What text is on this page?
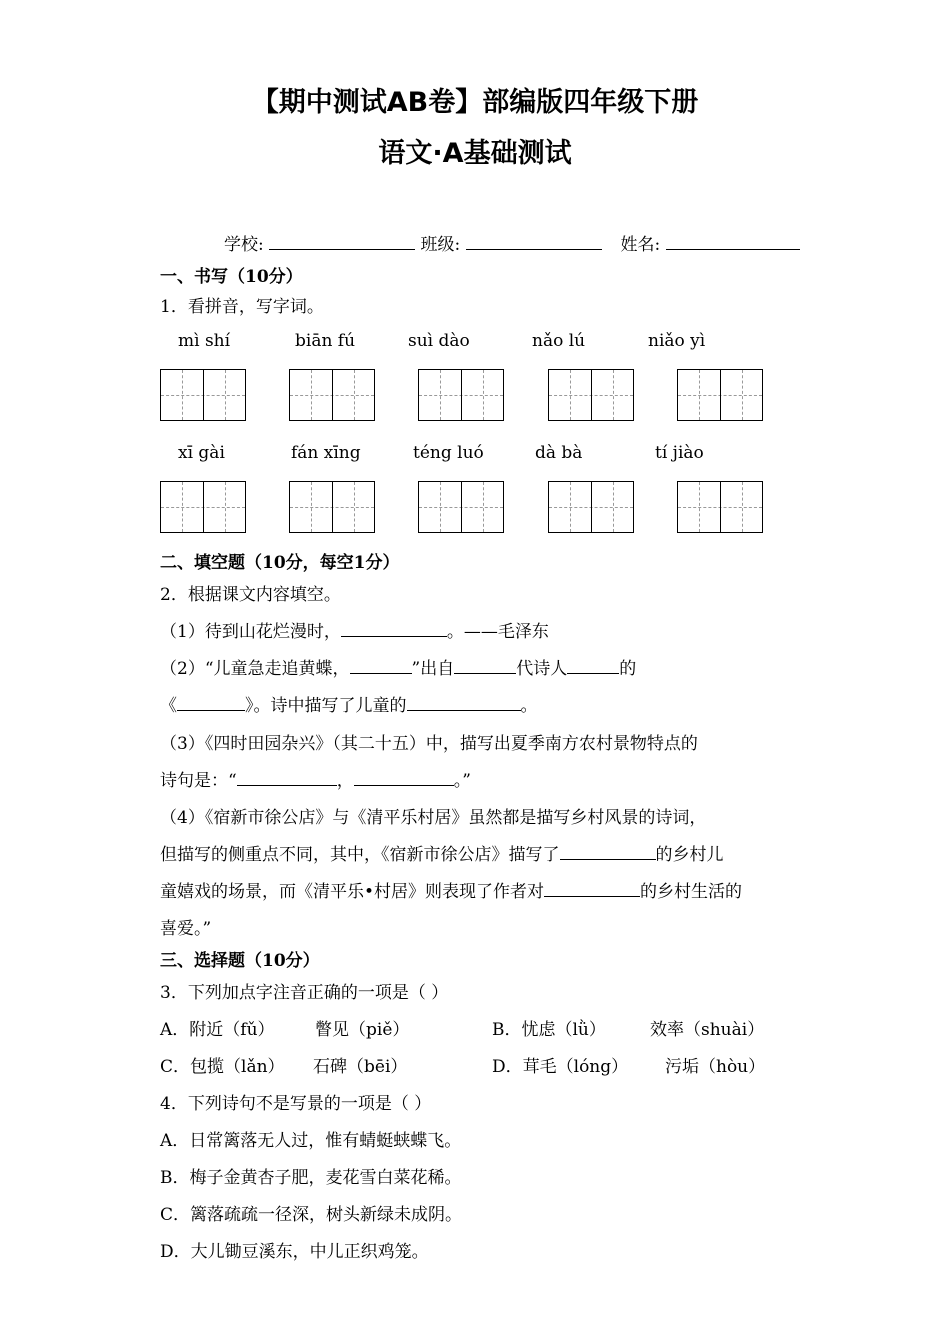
【期中测试AB卷】部编版四年级下册
语文·A基础测试
学校:	班级:	姓名:
一、书写（10分）
1．看拼音，写字词。
mì shí	biān fú	suì dào	nǎo lú	niǎo yì
xī gài	fán xīng	téng luó	dà bà	tí jiào
二、填空题（10分，每空1分）
2．根据课文内容填空。
（1）待到山花烂漫时，	。——毛泽东
（2）“儿童急走追黄蝶，	”出自	代诗人	的
《	》。诗中描写了儿童的	。
（3）《四时田园杂兴》（其二十五）中，描写出夏季南方农村景物特点的
诗句是：“	，	。”
（4）《宿新市徐公店》与《清平乐村居》虽然都是描写乡村风景的诗词，
但描写的侧重点不同，其中，《宿新市徐公店》描写了	的乡村儿
童嬉戏的场景，而《清平乐•村居》则表现了作者对	的乡村生活的
喜爱。”
三、选择题（10分）
3．下列加点字注音正确的一项是（ ）
A．附近（fǔ） 瞥见（piě）	B．忧虑（lǜ）	效率（shuài）
C．包揽（lǎn） 石碑（bēi）	D．茸毛（lóng） 污垢（hòu）
4．下列诗句不是写景的一项是（ ）
A．日常篱落无人过，惟有蜻蜓蛱蝶飞。
B．梅子金黄杏子肥，麦花雪白菜花稀。
C．篱落疏疏一径深，树头新绿未成阴。
D．大儿锄豆溪东，中儿正织鸡笼。
